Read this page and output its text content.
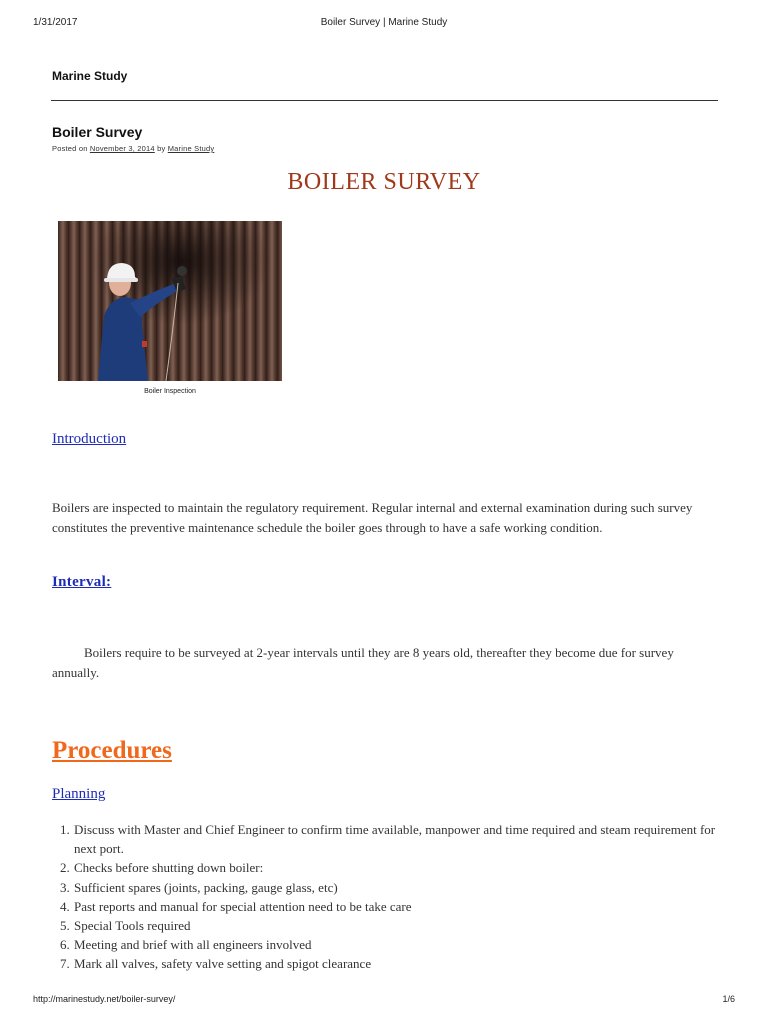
1/31/2017	Boiler Survey | Marine Study
Marine Study
Boiler Survey
Posted on November 3, 2014 by Marine Study
BOILER SURVEY
Boiler Inspection
Introduction
Boilers are inspected to maintain the regulatory requirement. Regular internal and external examination during such survey constitutes the preventive maintenance schedule the boiler goes through to have a safe working condition.
Interval:
Boilers require to be surveyed at 2-year intervals until they are 8 years old, thereafter they become due for survey annually.
Procedures
Planning
1. Discuss with Master and Chief Engineer to confirm time available, manpower and time required and steam requirement for next port.
2. Checks before shutting down boiler:
3. Sufficient spares (joints, packing, gauge glass, etc)
4. Past reports and manual for special attention need to be take care
5. Special Tools required
6. Meeting and brief with all engineers involved
7. Mark all valves, safety valve setting and spigot clearance
http://marinestudy.net/boiler-survey/	1/6
